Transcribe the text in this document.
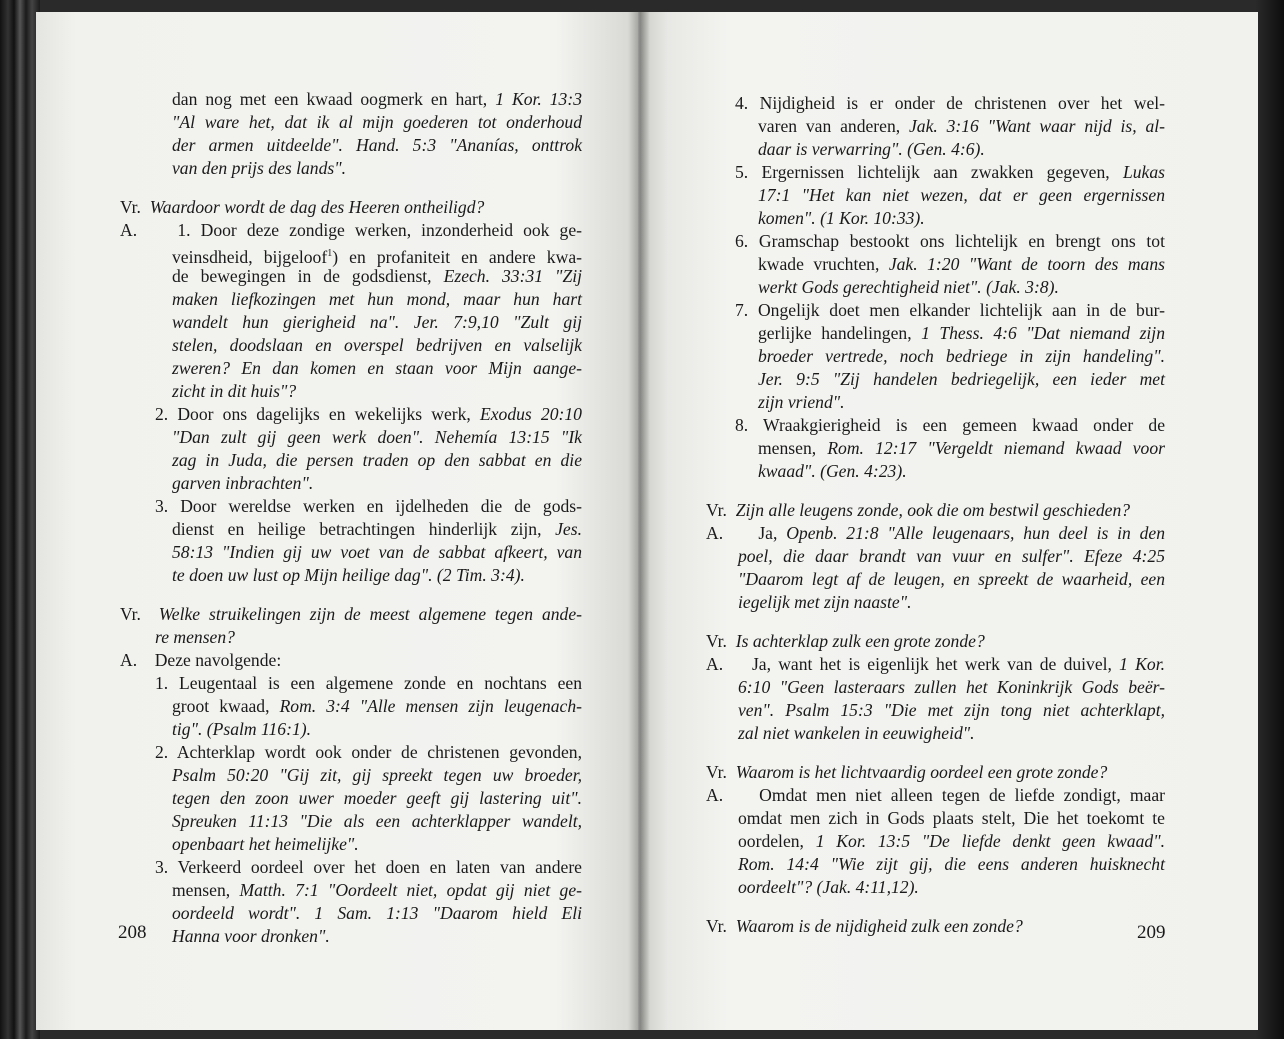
dan nog met een kwaad oogmerk en hart, 1 Kor. 13:3
"Al ware het, dat ik al mijn goederen tot onderhoud
der armen uitdeelde". Hand. 5:3 "Ananías, onttrok
van den prijs des lands".
Vr.  Waardoor wordt de dag des Heeren ontheiligd?
A.    1. Door deze zondige werken, inzonderheid ook ge-
veinsdheid, bijgeloof$^1$) en profaniteit en andere kwa-
de bewegingen in de godsdienst, Ezech. 33:31 "Zij
maken liefkozingen met hun mond, maar hun hart
wandelt hun gierigheid na". Jer. 7:9,10 "Zult gij
stelen, doodslaan en overspel bedrijven en valselijk
zweren? En dan komen en staan voor Mijn aange-
zicht in dit huis"?
2. Door ons dagelijks en wekelijks werk, Exodus 20:10
"Dan zult gij geen werk doen". Nehemía 13:15 "Ik
zag in Juda, die persen traden op den sabbat en die
garven inbrachten".
3. Door wereldse werken en ijdelheden die de gods-
dienst en heilige betrachtingen hinderlijk zijn, Jes.
58:13 "Indien gij uw voet van de sabbat afkeert, van
te doen uw lust op Mijn heilige dag". (2 Tim. 3:4).
Vr.  Welke struikelingen zijn de meest algemene tegen ande-
re mensen?
A.    Deze navolgende:
1. Leugentaal is een algemene zonde en nochtans een
groot kwaad, Rom. 3:4 "Alle mensen zijn leugenach-
tig". (Psalm 116:1).
2. Achterklap wordt ook onder de christenen gevonden,
Psalm 50:20 "Gij zit, gij spreekt tegen uw broeder,
tegen den zoon uwer moeder geeft gij lastering uit".
Spreuken 11:13 "Die als een achterklapper wandelt,
openbaart het heimelijke".
3. Verkeerd oordeel over het doen en laten van andere
mensen, Matth. 7:1 "Oordeelt niet, opdat gij niet ge-
oordeeld wordt". 1 Sam. 1:13 "Daarom hield Eli
Hanna voor dronken".
4. Nijdigheid is er onder de christenen over het wel-
varen van anderen, Jak. 3:16 "Want waar nijd is, al-
daar is verwarring". (Gen. 4:6).
5. Ergernissen lichtelijk aan zwakken gegeven, Lukas
17:1 "Het kan niet wezen, dat er geen ergernissen
komen". (1 Kor. 10:33).
6. Gramschap bestookt ons lichtelijk en brengt ons tot
kwade vruchten, Jak. 1:20 "Want de toorn des mans
werkt Gods gerechtigheid niet". (Jak. 3:8).
7. Ongelijk doet men elkander lichtelijk aan in de bur-
gerlijke handelingen, 1 Thess. 4:6 "Dat niemand zijn
broeder vertrede, noch bedriege in zijn handeling".
Jer. 9:5 "Zij handelen bedriegelijk, een ieder met
zijn vriend".
8. Wraakgierigheid is een gemeen kwaad onder de
mensen, Rom. 12:17 "Vergeldt niemand kwaad voor
kwaad". (Gen. 4:23).
Vr.  Zijn alle leugens zonde, ook die om bestwil geschieden?
A.    Ja, Openb. 21:8 "Alle leugenaars, hun deel is in den
poel, die daar brandt van vuur en sulfer". Efeze 4:25
"Daarom legt af de leugen, en spreekt de waarheid, een
iegelijk met zijn naaste".
Vr.  Is achterklap zulk een grote zonde?
A.    Ja, want het is eigenlijk het werk van de duivel, 1 Kor.
6:10 "Geen lasteraars zullen het Koninkrijk Gods beër-
ven". Psalm 15:3 "Die met zijn tong niet achterklapt,
zal niet wankelen in eeuwigheid".
Vr.  Waarom is het lichtvaardig oordeel een grote zonde?
A.    Omdat men niet alleen tegen de liefde zondigt, maar
omdat men zich in Gods plaats stelt, Die het toekomt te
oordelen, 1 Kor. 13:5 "De liefde denkt geen kwaad".
Rom. 14:4 "Wie zijt gij, die eens anderen huisknecht
oordeelt"? (Jak. 4:11,12).
Vr.  Waarom is de nijdigheid zulk een zonde?
208	209
